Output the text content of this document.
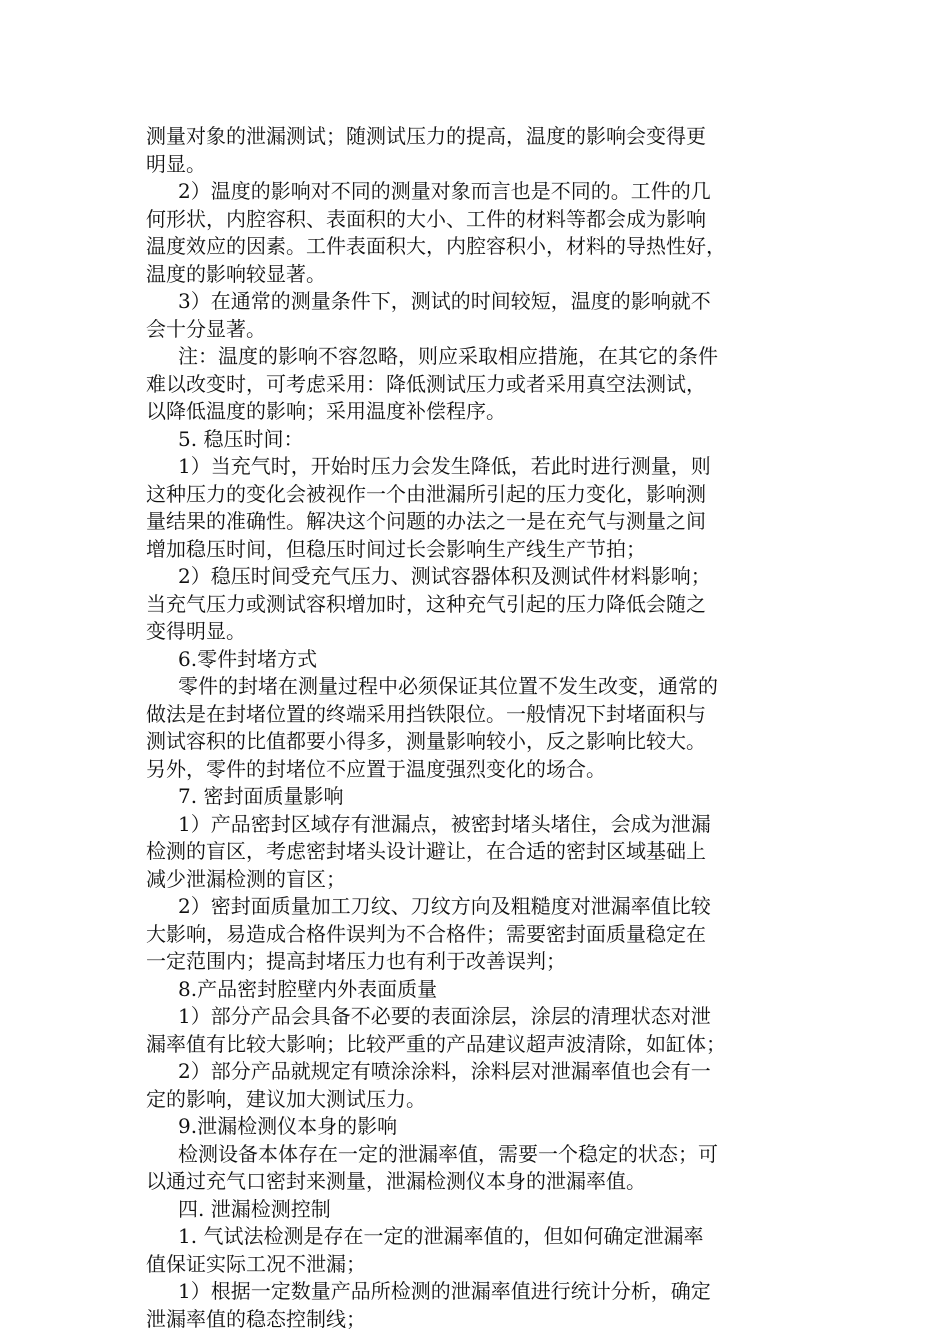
测量对象的泄漏测试；随测试压力的提高，温度的影响会变得更
明显。
2）温度的影响对不同的测量对象而言也是不同的。工件的几
何形状，内腔容积、表面积的大小、工件的材料等都会成为影响
温度效应的因素。工件表面积大，内腔容积小，材料的导热性好，
温度的影响较显著。
3）在通常的测量条件下，测试的时间较短，温度的影响就不
会十分显著。
注：温度的影响不容忽略，则应采取相应措施，在其它的条件
难以改变时，可考虑采用：降低测试压力或者采用真空法测试，
以降低温度的影响；采用温度补偿程序。
5. 稳压时间：
1）当充气时，开始时压力会发生降低，若此时进行测量，则
这种压力的变化会被视作一个由泄漏所引起的压力变化，影响测
量结果的准确性。解决这个问题的办法之一是在充气与测量之间
增加稳压时间，但稳压时间过长会影响生产线生产节拍；
2）稳压时间受充气压力、测试容器体积及测试件材料影响；
当充气压力或测试容积增加时，这种充气引起的压力降低会随之
变得明显。
6.零件封堵方式
零件的封堵在测量过程中必须保证其位置不发生改变，通常的
做法是在封堵位置的终端采用挡铁限位。一般情况下封堵面积与
测试容积的比值都要小得多，测量影响较小，反之影响比较大。
另外，零件的封堵位不应置于温度强烈变化的场合。
7. 密封面质量影响
1）产品密封区域存有泄漏点，被密封堵头堵住，会成为泄漏
检测的盲区，考虑密封堵头设计避让，在合适的密封区域基础上
减少泄漏检测的盲区；
2）密封面质量加工刀纹、刀纹方向及粗糙度对泄漏率值比较
大影响，易造成合格件误判为不合格件；需要密封面质量稳定在
一定范围内；提高封堵压力也有利于改善误判；
8.产品密封腔壁内外表面质量
1）部分产品会具备不必要的表面涂层，涂层的清理状态对泄
漏率值有比较大影响；比较严重的产品建议超声波清除，如缸体；
2）部分产品就规定有喷涂涂料，涂料层对泄漏率值也会有一
定的影响，建议加大测试压力。
9.泄漏检测仪本身的影响
检测设备本体存在一定的泄漏率值，需要一个稳定的状态；可
以通过充气口密封来测量，泄漏检测仪本身的泄漏率值。
四. 泄漏检测控制
1. 气试法检测是存在一定的泄漏率值的，但如何确定泄漏率
值保证实际工况不泄漏；
1）根据一定数量产品所检测的泄漏率值进行统计分析，确定
泄漏率值的稳态控制线；
